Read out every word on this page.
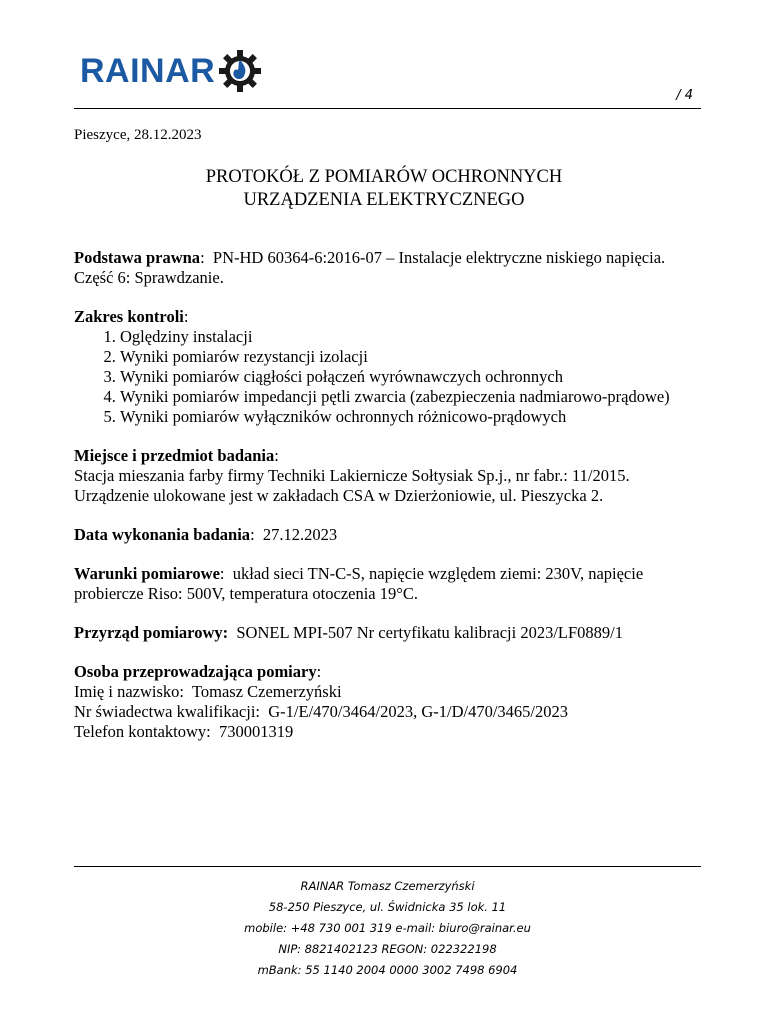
RAINAR
/ 4
Pieszyce, 28.12.2023
PROTOKÓŁ Z POMIARÓW OCHRONNYCH
URZĄDZENIA ELEKTRYCZNEGO
Podstawa prawna:  PN-HD 60364-6:2016-07 – Instalacje elektryczne niskiego napięcia. Część 6: Sprawdzanie.
Zakres kontroli:
1. Oględziny instalacji
2. Wyniki pomiarów rezystancji izolacji
3. Wyniki pomiarów ciągłości połączeń wyrównawczych ochronnych
4. Wyniki pomiarów impedancji pętli zwarcia (zabezpieczenia nadmiarowo-prądowe)
5. Wyniki pomiarów wyłączników ochronnych różnicowo-prądowych
Miejsce i przedmiot badania:
Stacja mieszania farby firmy Techniki Lakiernicze Sołtysiak Sp.j., nr fabr.: 11/2015.
Urządzenie ulokowane jest w zakładach CSA w Dzierżoniowie, ul. Pieszycka 2.
Data wykonania badania:  27.12.2023
Warunki pomiarowe:  układ sieci TN-C-S, napięcie względem ziemi: 230V, napięcie probiercze Riso: 500V, temperatura otoczenia 19°C.
Przyrząd pomiarowy: SONEL MPI-507 Nr certyfikatu kalibracji 2023/LF0889/1
Osoba przeprowadzająca pomiary:
Imię i nazwisko: Tomasz Czemerzyński
Nr świadectwa kwalifikacji: G-1/E/470/3464/2023, G-1/D/470/3465/2023
Telefon kontaktowy: 730001319
RAINAR Tomasz Czemerzyński
58-250 Pieszyce, ul. Świdnicka 35 lok. 11
mobile: +48 730 001 319 e-mail: biuro@rainar.eu
NIP: 8821402123 REGON: 022322198
mBank: 55 1140 2004 0000 3002 7498 6904
